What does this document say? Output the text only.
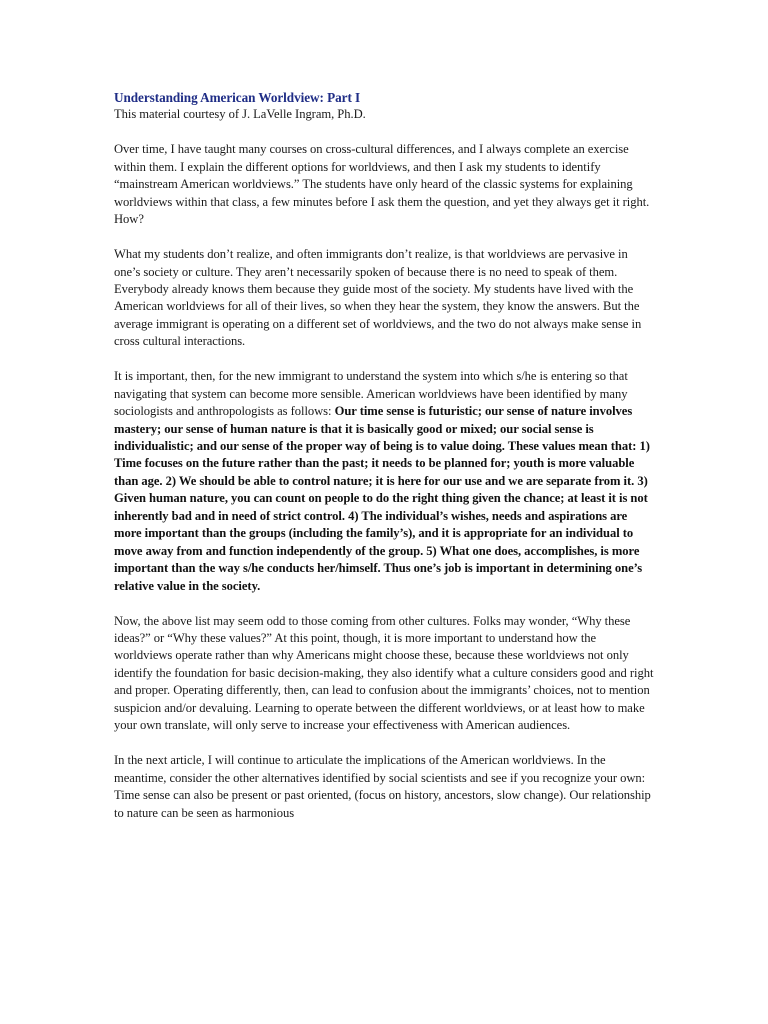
Understanding American Worldview: Part I

This material courtesy of J. LaVelle Ingram, Ph.D.

Over time, I have taught many courses on cross-cultural differences, and I always complete an exercise within them. I explain the different options for worldviews, and then I ask my students to identify “mainstream American worldviews.” The students have only heard of the classic systems for explaining worldviews within that class, a few minutes before I ask them the question, and yet they always get it right. How?

What my students don’t realize, and often immigrants don’t realize, is that worldviews are pervasive in one’s society or culture. They aren’t necessarily spoken of because there is no need to speak of them. Everybody already knows them because they guide most of the society. My students have lived with the American worldviews for all of their lives, so when they hear the system, they know the answers. But the average immigrant is operating on a different set of worldviews, and the two do not always make sense in cross cultural interactions.

It is important, then, for the new immigrant to understand the system into which s/he is entering so that navigating that system can become more sensible. American worldviews have been identified by many sociologists and anthropologists as follows: Our time sense is futuristic; our sense of nature involves mastery; our sense of human nature is that it is basically good or mixed; our social sense is individualistic; and our sense of the proper way of being is to value doing. These values mean that: 1) Time focuses on the future rather than the past; it needs to be planned for; youth is more valuable than age. 2) We should be able to control nature; it is here for our use and we are separate from it. 3) Given human nature, you can count on people to do the right thing given the chance; at least it is not inherently bad and in need of strict control. 4) The individual’s wishes, needs and aspirations are more important than the groups (including the family’s), and it is appropriate for an individual to move away from and function independently of the group. 5) What one does, accomplishes, is more important than the way s/he conducts her/himself. Thus one’s job is important in determining one’s relative value in the society.

Now, the above list may seem odd to those coming from other cultures. Folks may wonder, “Why these ideas?” or “Why these values?” At this point, though, it is more important to understand how the worldviews operate rather than why Americans might choose these, because these worldviews not only identify the foundation for basic decision-making, they also identify what a culture considers good and right and proper. Operating differently, then, can lead to confusion about the immigrants’ choices, not to mention suspicion and/or devaluing. Learning to operate between the different worldviews, or at least how to make your own translate, will only serve to increase your effectiveness with American audiences.

In the next article, I will continue to articulate the implications of the American worldviews. In the meantime, consider the other alternatives identified by social scientists and see if you recognize your own: Time sense can also be present or past oriented, (focus on history, ancestors, slow change). Our relationship to nature can be seen as harmonious
